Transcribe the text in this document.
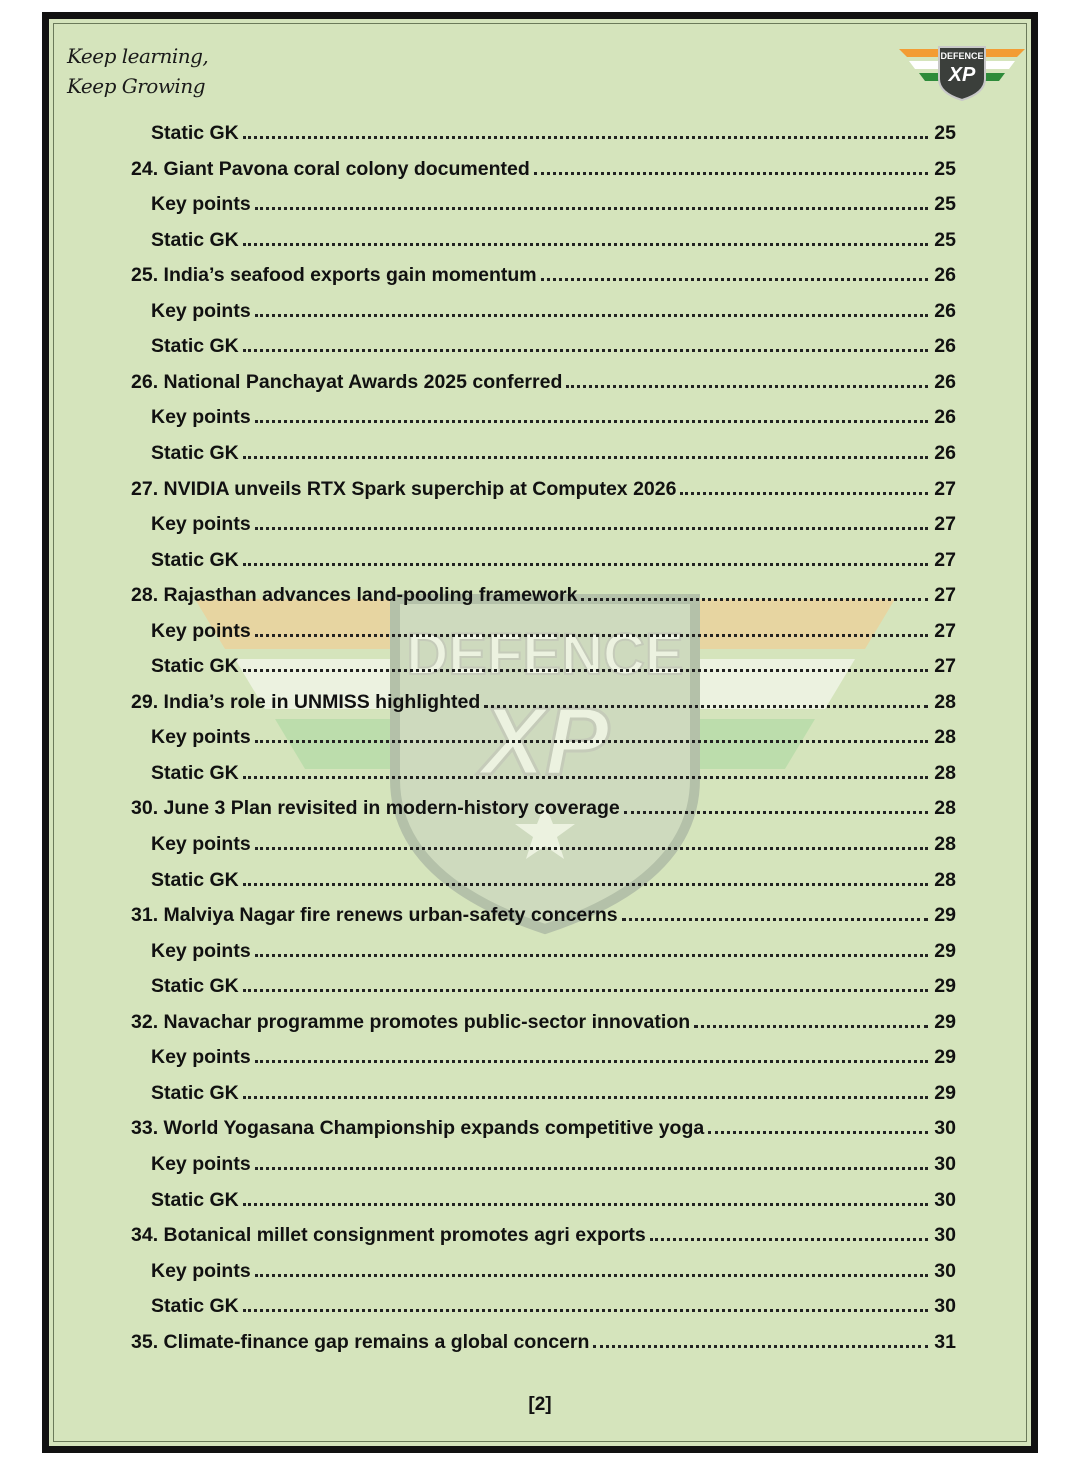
DEFENCE
XP
Keep learning,
Keep Growing
DEFENCE
XP
Static GK	25
24. Giant Pavona coral colony documented	25
Key points	25
Static GK	25
25. India’s seafood exports gain momentum	26
Key points	26
Static GK	26
26. National Panchayat Awards 2025 conferred	26
Key points	26
Static GK	26
27. NVIDIA unveils RTX Spark superchip at Computex 2026	27
Key points	27
Static GK	27
28. Rajasthan advances land-pooling framework	27
Key points	27
Static GK	27
29. India’s role in UNMISS highlighted	28
Key points	28
Static GK	28
30. June 3 Plan revisited in modern-history coverage	28
Key points	28
Static GK	28
31. Malviya Nagar fire renews urban-safety concerns	29
Key points	29
Static GK	29
32. Navachar programme promotes public-sector innovation	29
Key points	29
Static GK	29
33. World Yogasana Championship expands competitive yoga	30
Key points	30
Static GK	30
34. Botanical millet consignment promotes agri exports	30
Key points	30
Static GK	30
35. Climate-finance gap remains a global concern	31
[2]
